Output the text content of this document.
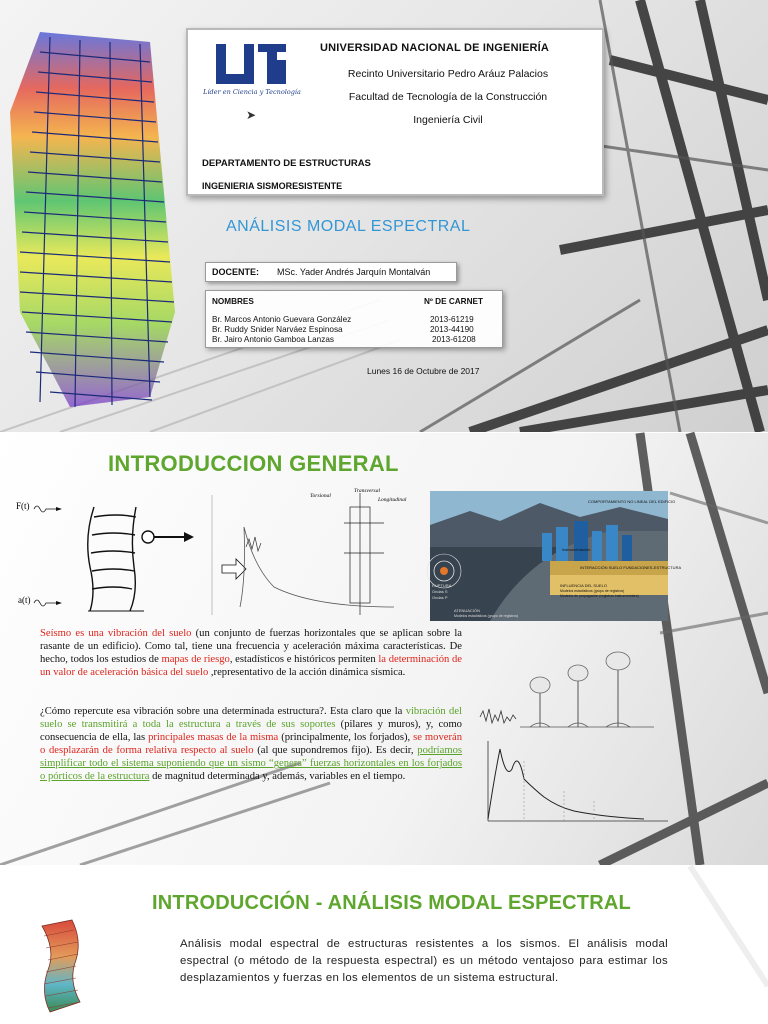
Líder en Ciencia y Tecnología
➤
UNIVERSIDAD NACIONAL DE INGENIERÍA
Recinto Universitario Pedro Aráuz Palacios
Facultad de Tecnología de la Construcción
Ingeniería Civil
DEPARTAMENTO DE ESTRUCTURAS
INGENIERIA SISMORESISTENTE
ANÁLISIS MODAL ESPECTRAL
DOCENTE: MSc. Yader Andrés Jarquín Montalván
NOMBRES	Nº DE CARNET
Br. Marcos Antonio Guevara González	2013-61219
Br. Ruddy Snider Narváez Espinosa	2013-44190
Br. Jairo Antonio Gamboa Lanzas	2013-61208
Lunes 16 de Octubre de 2017
INTRODUCCION GENERAL
F(t)
a(t)
Torsional
Transversal
Longitudinal	COMPORTAMIENTO NO LINEAL DEL EDIFICIO
Instrumentación
INTERACCIÓN SUELO FUNDACIONES-ESTRUCTURA
INFLUENCIA DEL SUELO
Modelos estadísticos (grupo de registros)
Modelos de propagación (registros instrumentales)
RUPTURA
Ondas S
Ondas P
ATENUACIÓN
Modelos estadísticos (grupo de registros)
Seísmo es una vibración del suelo (un conjunto de fuerzas horizontales que se aplican sobre la rasante de un edificio). Como tal, tiene una frecuencia y aceleración máxima características. De hecho, todos los estudios de mapas de riesgo, estadísticos e históricos permiten la determinación de un valor de aceleración básica del suelo ,representativo de la acción dinámica sísmica.
¿Cómo repercute esa vibración sobre una determinada estructura?. Esta claro que la vibración del suelo se transmitirá a toda la estructura a través de sus soportes (pilares y muros), y, como consecuencia de ella, las principales masas de la misma (principalmente, los forjados), se moverán o desplazarán de forma relativa respecto al suelo (al que supondremos fijo). Es decir, podríamos simplificar todo el sistema suponiendo que un sismo “genera” fuerzas horizontales en los forjados o pórticos de la estructura de magnitud determinada y, además, variables en el tiempo.
INTRODUCCIÓN - ANÁLISIS MODAL ESPECTRAL
Análisis modal espectral de estructuras resistentes a los sismos. El análisis modal espectral (o método de la respuesta espectral) es un método ventajoso para estimar los desplazamientos y fuerzas en los elementos de un sistema estructural.
